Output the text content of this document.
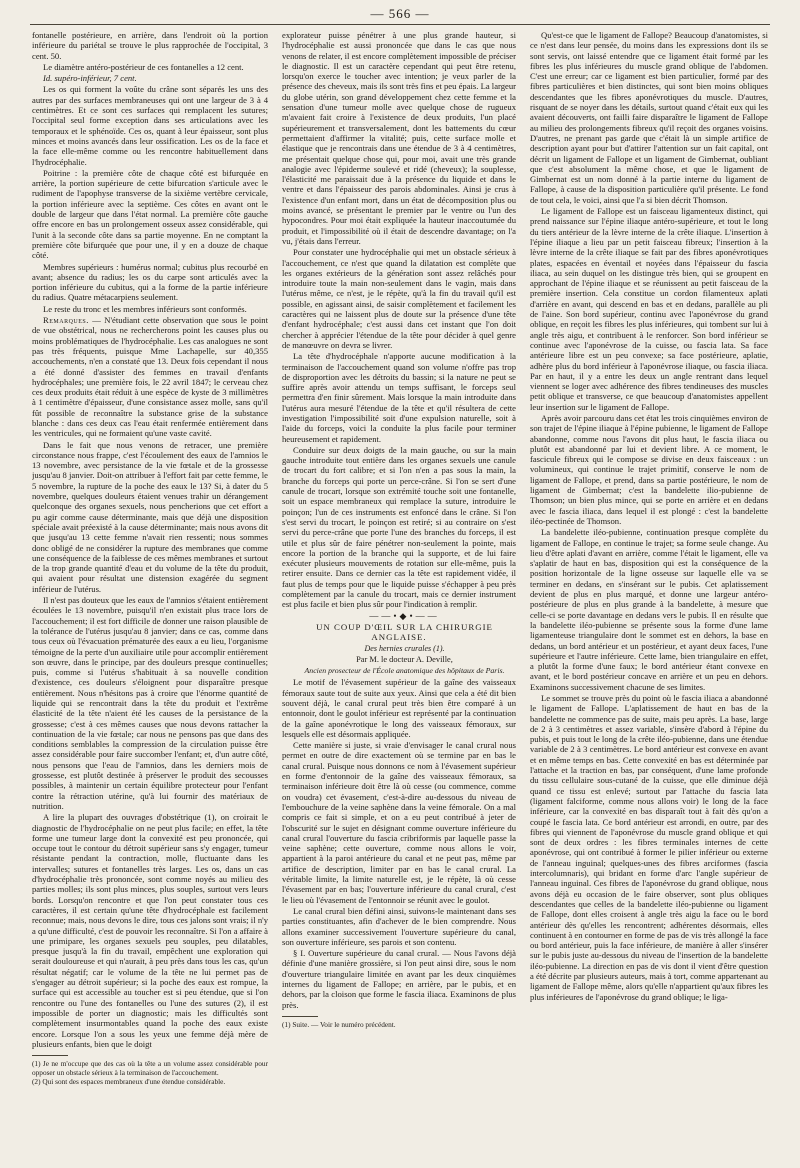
— 566 —

fontanelle postérieure, en arrière, dans l'endroit où la portion inférieure du pariétal se trouve le plus rapprochée de l'occipital, 3 cent. 50.

Le diamètre antéro-postérieur de ces fontanelles a 12 cent.

Id. supéro-inférieur, 7 cent.

Les os qui forment la voûte du crâne sont séparés les uns des autres par des surfaces membraneuses qui ont une largeur de 3 à 4 centimètres. Et ce sont ces surfaces qui remplacent les sutures; l'occipital seul forme exception dans ses articulations avec les temporaux et le sphénoïde. Ces os, quant à leur épaisseur, sont plus minces et moins avancés dans leur ossification. Les os de la face et la face elle-même comme ou les rencontre habituellement dans l'hydrocéphalie.

Poitrine : la première côte de chaque côté est bifurquée en arrière, la portion supérieure de cette bifurcation s'articule avec le rudiment de l'apophyse transverse de la sixième vertèbre cervicale, la portion inférieure avec la septième. Ces côtes en avant ont le double de largeur que dans l'état normal. La première côte gauche offre encore en bas un prolongement osseux assez considérable, qui l'unit à la seconde côte dans sa partie moyenne. En ne comptant la première côte bifurquée que pour une, il y en a douze de chaque côté.

Membres supérieurs : humérus normal; cubitus plus recourbé en avant; absence du radius; les os du carpe sont articulés avec la portion inférieure du cubitus, qui a la forme de la partie inférieure du radius. Quatre métacarpiens seulement.

Le reste du tronc et les membres inférieurs sont conformés.

Remarques. — N'étudiant cette observation que sous le point de vue obstétrical, nous ne rechercherons point les causes plus ou moins problématiques de l'hydrocéphalie. Les cas analogues ne sont pas très fréquents, puisque Mme Lachapelle, sur 40,355 accouchements, n'en a constaté que 13. Deux fois cependant il nous a été donné d'assister des femmes en travail d'enfants hydrocéphales; une première fois, le 22 avril 1847; le cerveau chez ces deux produits était réduit à une espèce de kyste de 3 millimètres à 1 centimètre d'épaisseur, d'une consistance assez molle, sans qu'il fût possible de reconnaître la substance grise de la substance blanche : dans ces deux cas l'eau était renfermée entièrement dans les ventricules, qui ne formaient qu'une vaste cavité.

Dans le fait que nous venons de retracer, une première circonstance nous frappe, c'est l'écoulement des eaux de l'amnios le 13 novembre, avec persistance de la vie fœtale et de la grossesse jusqu'au 8 janvier. Doit-on attribuer à l'effort fait par cette femme, le 5 novembre, la rupture de la poche des eaux le 13? Si, à dater du 5 novembre, quelques douleurs étaient venues trahir un dérangement quelconque des organes sexuels, nous pencherions que cet effort a pu agir comme cause déterminante, mais que déjà une disposition spéciale avait préexisté à la cause déterminante; mais nous avons dit que jusqu'au 13 cette femme n'avait rien ressenti; nous sommes donc obligé de ne considérer la rupture des membranes que comme une conséquence de la faiblesse de ces mêmes membranes et surtout de la trop grande quantité d'eau et du volume de la tête du produit, qui avaient pour résultat une distension exagérée du segment inférieur de l'utérus.

Il n'est pas douteux que les eaux de l'amnios s'étaient entièrement écoulées le 13 novembre, puisqu'il n'en existait plus trace lors de l'accouchement; il est fort difficile de donner une raison plausible de la tolérance de l'utérus jusqu'au 8 janvier; dans ce cas, comme dans tous ceux où l'évacuation prématurée des eaux a eu lieu, l'organisme témoigne de la perte d'un auxiliaire utile pour accomplir entièrement son œuvre, dans le principe, par des douleurs presque continuelles; puis, comme si l'utérus s'habituait à sa nouvelle condition d'existence, ces douleurs s'éloignent pour disparaître presque entièrement. Nous n'hésitons pas à croire que l'énorme quantité de liquide qui se rencontrait dans la tête du produit et l'extrême élasticité de la tête n'aient été les causes de la persistance de la grossesse; c'est à ces mêmes causes que nous devons rattacher la continuation de la vie fœtale; car nous ne pensons pas que dans des conditions semblables la compression de la circulation puisse être assez considérable pour faire succomber l'enfant; et, d'un autre côté, nous pensons que l'eau de l'amnios, dans les derniers mois de grossesse, est plutôt destinée à préserver le produit des secousses possibles, à maintenir un certain équilibre protecteur pour l'enfant contre la rétraction utérine, qu'à lui fournir des matériaux de nutrition.

A lire la plupart des ouvrages d'obstétrique (1), on croirait le diagnostic de l'hydrocéphalie on ne peut plus facile; en effet, la tête forme une tumeur large dont la convexité est peu prononcée, qui occupe tout le contour du détroit supérieur sans s'y engager, tumeur résistante pendant la contraction, molle, fluctuante dans les intervalles; sutures et fontanelles très larges. Les os, dans un cas d'hydrocéphalie très prononcée, sont comme noyés au milieu des parties molles; ils sont plus minces, plus souples, surtout vers leurs bords. Lorsqu'on rencontre et que l'on peut constater tous ces caractères, il est certain qu'une tête d'hydrocéphale est facilement reconnue; mais, nous devons le dire, tous ces jalons sont vrais; il n'y a qu'une difficulté, c'est de pouvoir les reconnaître. Si l'on a affaire à une primipare, les organes sexuels peu souples, peu dilatables, presque jusqu'à la fin du travail, empêchent une exploration qui serait douloureuse et qui n'aurait, à peu près dans tous les cas, qu'un résultat négatif; car le volume de la tête ne lui permet pas de s'engager au détroit supérieur; si la poche des eaux est rompue, la surface qui est accessible au toucher est si peu étendue, que si l'on rencontre ou l'une des fontanelles ou l'une des sutures (2), il est impossible de porter un diagnostic; mais les difficultés sont complètement insurmontables quand la poche des eaux existe encore. Lorsque l'on a sous les yeux une femme déjà mère de plusieurs enfants, bien que le doigt

(1) Je ne m'occupe que des cas où la tête a un volume assez considérable pour opposer un obstacle sérieux à la terminaison de l'accouchement.

(2) Qui sont des espaces membraneux d'une étendue considérable.

explorateur puisse pénétrer à une plus grande hauteur, si l'hydrocéphalie est aussi prononcée que dans le cas que nous venons de relater, il est encore complètement impossible de préciser le diagnostic. Il est un caractère cependant qui peut être retenu, lorsqu'on exerce le toucher avec intention; je veux parler de la présence des cheveux, mais ils sont très fins et peu épais. La largeur du globe utérin, son grand développement chez cette femme et la sensation d'une tumeur molle avec quelque chose de rugueux m'avaient fait croire à l'existence de deux produits, l'un placé supérieurement et transversalement, dont les battements du cœur permettaient d'affirmer la vitalité; puis, cette surface molle et élastique que je rencontrais dans une étendue de 3 à 4 centimètres, me présentait quelque chose qui, pour moi, avait une très grande analogie avec l'épiderme soulevé et ridé (cheveux); la souplesse, l'élasticité me paraissait due à la présence du liquide et dans le ventre et dans l'épaisseur des parois abdominales. Ainsi je crus à l'existence d'un enfant mort, dans un état de décomposition plus ou moins avancé, se présentant le premier par le ventre ou l'un des hypocondres. Pour moi était expliquée la hauteur inaccoutumée du produit, et l'impossibilité où il était de descendre davantage; on l'a vu, j'étais dans l'erreur.

Pour constater une hydrocéphalie qui met un obstacle sérieux à l'accouchement, ce n'est que quand la dilatation est complète que les organes extérieurs de la génération sont assez relâchés pour introduire toute la main non-seulement dans le vagin, mais dans l'utérus même, ce n'est, je le répète, qu'à la fin du travail qu'il est possible, en agissant ainsi, de saisir complètement et facilement les caractères qui ne laissent plus de doute sur la présence d'une tête d'enfant hydrocéphale; c'est aussi dans cet instant que l'on doit chercher à apprécier l'étendue de la tête pour décider à quel genre de manœuvre on devra se livrer.

La tête d'hydrocéphale n'apporte aucune modification à la terminaison de l'accouchement quand son volume n'offre pas trop de disproportion avec les détroits du bassin; si la nature ne peut se suffire après avoir attendu un temps suffisant, le forceps seul permettra d'en finir sûrement. Mais lorsque la main introduite dans l'utérus aura mesuré l'étendue de la tête et qu'il résultera de cette investigation l'impossibilité soit d'une expulsion naturelle, soit à l'aide du forceps, voici la conduite la plus facile pour terminer heureusement et rapidement.

Conduire sur deux doigts de la main gauche, ou sur la main gauche introduite tout entière dans les organes sexuels une canule de trocart du fort calibre; et si l'on n'en a pas sous la main, la branche du forceps qui porte un perce-crâne. Si l'on se sert d'une canule de trocart, lorsque son extrémité touche soit une fontanelle, soit un espace membraneux qui remplace la suture, introduire le poinçon; l'un de ces instruments est enfoncé dans le crâne. Si l'on s'est servi du trocart, le poinçon est retiré; si au contraire on s'est servi du perce-crâne que porte l'une des branches du forceps, il est utile et plus sûr de faire pénétrer non-seulement la pointe, mais encore la portion de la branche qui la supporte, et de lui faire exécuter plusieurs mouvements de rotation sur elle-même, puis la retirer ensuite. Dans ce dernier cas la tête est rapidement vidée, il faut plus de temps pour que le liquide puisse s'échapper à peu près complètement par la canule du trocart, mais ce dernier instrument est plus facile et bien plus sûr pour l'indication à remplir.

——•◆•——

UN COUP D'ŒIL SUR LA CHIRURGIE ANGLAISE.

Des hernies crurales (1).

Par M. le docteur A. Deville,

Ancien prosecteur de l'École anatomique des hôpitaux de Paris.

Le motif de l'évasement supérieur de la gaîne des vaisseaux fémoraux saute tout de suite aux yeux. Ainsi que cela a été dit bien souvent déjà, le canal crural peut très bien être comparé à un entonnoir, dont le goulot inférieur est représenté par la continuation de la gaîne aponévrotique le long des vaisseaux fémoraux, sur lesquels elle est désormais appliquée.

Cette manière si juste, si vraie d'envisager le canal crural nous permet en outre de dire exactement où se termine par en bas le canal crural. Puisque nous donnons ce nom à l'évasement supérieur en forme d'entonnoir de la gaîne des vaisseaux fémoraux, sa terminaison inférieure doit être là où cesse (ou commence, comme on voudra) cet évasement, c'est-à-dire au-dessous du niveau de l'embouchure de la veine saphène dans la veine fémorale. On a mal compris ce fait si simple, et on a eu peut contribué à jeter de l'obscurité sur le sujet en désignant comme ouverture inférieure du canal crural l'ouverture du fascia cribriformis par laquelle passe la veine saphène; cette ouverture, comme nous allons le voir, appartient à la paroi antérieure du canal et ne peut pas, même par artifice de description, limiter par en bas le canal crural. La véritable limite, la limite naturelle est, je le répète, là où cesse l'évasement par en bas; l'ouverture inférieure du canal crural, c'est le lieu où l'évasement de l'entonnoir se réunit avec le goulot.

Le canal crural bien défini ainsi, suivons-le maintenant dans ses parties constituantes, afin d'achever de le bien comprendre. Nous allons examiner successivement l'ouverture supérieure du canal, son ouverture inférieure, ses parois et son contenu.

§ I. Ouverture supérieure du canal crural. — Nous l'avons déjà définie d'une manière grossière, si l'on peut ainsi dire, sous le nom d'ouverture triangulaire limitée en avant par les deux cinquièmes internes du ligament de Fallope; en arrière, par le pubis, et en dehors, par la cloison que forme le fascia iliaca. Examinons de plus près.

(1) Suite. — Voir le numéro précédent.

Qu'est-ce que le ligament de Fallope? Beaucoup d'anatomistes, si ce n'est dans leur pensée, du moins dans les expressions dont ils se sont servis, ont laissé entendre que ce ligament était formé par les fibres les plus inférieures du muscle grand oblique de l'abdomen. C'est une erreur; car ce ligament est bien particulier, formé par des fibres particulières et bien distinctes, qui sont bien moins obliques descendantes que les fibres aponévrotiques du muscle. D'autres, risquant de se noyer dans les détails, surtout quand c'était eux qui les avaient découverts, ont failli faire disparaître le ligament de Fallope au milieu des prolongements fibreux qu'il reçoit des organes voisins. D'autres, ne prenant pas garde que c'était là un simple artifice de description ayant pour but d'attirer l'attention sur un fait capital, ont décrit un ligament de Fallope et un ligament de Gimbernat, oubliant que c'est absolument la même chose, et que le ligament de Gimbernat est un nom donné à la partie interne du ligament de Fallope, à cause de la disposition particulière qu'il présente. Le fond de tout cela, le voici, ainsi que l'a si bien décrit Thomson.

Le ligament de Fallope est un faisceau ligamenteux distinct, qui prend naissance sur l'épine iliaque antéro-supérieure, et tout le long du tiers antérieur de la lèvre interne de la crête iliaque. L'insertion à l'épine iliaque a lieu par un petit faisceau fibreux; l'insertion à la lèvre interne de la crête iliaque se fait par des fibres aponévrotiques plates, espacées en éventail et noyées dans l'épaisseur du fascia iliaca, au sein duquel on les distingue très bien, qui se groupent en approchant de l'épine iliaque et se réunissent au petit faisceau de la première insertion. Cela constitue un cordon filamenteux aplati d'arrière en avant, qui descend en bas et en dedans, parallèle au pli de l'aine. Son bord supérieur, continu avec l'aponévrose du grand oblique, en reçoit les fibres les plus inférieures, qui tombent sur lui à angle très aigu, et contribuent à le renforcer. Son bord inférieur se continue avec l'aponévrose de la cuisse, ou fascia lata. Sa face antérieure libre est un peu convexe; sa face postérieure, aplatie, adhère plus du bord inférieur à l'aponévrose iliaque, ou fascia iliaca. Par en haut, il y a entre les deux un angle rentrant dans lequel viennent se loger avec adhérence des fibres tendineuses des muscles petit oblique et transverse, ce que beaucoup d'anatomistes appellent leur insertion sur le ligament de Fallope.

Après avoir parcouru dans cet état les trois cinquièmes environ de son trajet de l'épine iliaque à l'épine pubienne, le ligament de Fallope abandonne, comme nous l'avons dit plus haut, le fascia iliaca ou plutôt est abandonné par lui et devient libre. A ce moment, le fascicule fibreux qui le compose se divise en deux faisceaux : un volumineux, qui continue le trajet primitif, conserve le nom de ligament de Fallope, et prend, dans sa partie postérieure, le nom de ligament de Gimbernat; c'est la bandelette ilio-pubienne de Thomson; un bien plus mince, qui se porte en arrière et en dedans avec le fascia iliaca, dans lequel il est plongé : c'est la bandelette iléo-pectinée de Thomson.

La bandelette iléo-pubienne, continuation presque complète du ligament de Fallope, en continue le trajet; sa forme seule change. Au lieu d'être aplati d'avant en arrière, comme l'était le ligament, elle va s'aplatir de haut en bas, disposition qui est la conséquence de la position horizontale de la ligne osseuse sur laquelle elle va se terminer en dedans, en s'insérant sur le pubis. Cet aplatissement devient de plus en plus marqué, et donne une largeur antéro-postérieure de plus en plus grande à la bandelette, à mesure que celle-ci se porte davantage en dedans vers le pubis. Il en résulte que la bandelette iléo-pubienne se présente sous la forme d'une lame ligamenteuse triangulaire dont le sommet est en dehors, la base en dedans, un bord antérieur et un postérieur, et ayant deux faces, l'une supérieure et l'autre inférieure. Cette lame, bien triangulaire en effet, a plutôt la forme d'une faux; le bord antérieur étant convexe en avant, et le bord postérieur concave en arrière et un peu en dehors. Examinons successivement chacune de ses limites.

Le sommet se trouve près du point où le fascia iliaca a abandonné le ligament de Fallope. L'aplatissement de haut en bas de la bandelette ne commence pas de suite, mais peu après. La base, large de 2 à 3 centimètres et assez variable, s'insère d'abord à l'épine du pubis, et puis tout le long de la crête iléo-pubienne, dans une étendue variable de 2 à 3 centimètres. Le bord antérieur est convexe en avant et en même temps en bas. Cette convexité en bas est déterminée par l'attache et la traction en bas, par conséquent, d'une lame profonde du tissu cellulaire sous-cutané de la cuisse, que elle diminue déjà quand ce tissu est enlevé; surtout par l'attache du fascia lata (ligament falciforme, comme nous allons voir) le long de la face inférieure, car la convexité en bas disparaît tout à fait dès qu'on a coupé le fascia lata. Ce bord antérieur est arrondi, en outre, par des fibres qui viennent de l'aponévrose du muscle grand oblique et qui sont de deux ordres : les fibres terminales internes de cette aponévrose, qui ont contribué à former le pilier inférieur ou externe de l'anneau inguinal; quelques-unes des fibres arciformes (fascia intercolumnaris), qui bridant en forme d'arc l'angle supérieur de l'anneau inguinal. Ces fibres de l'aponévrose du grand oblique, nous avons déjà eu occasion de le faire observer, sont plus obliques descendantes que celles de la bandelette iléo-pubienne ou ligament de Fallope, dont elles croisent à angle très aigu la face ou le bord antérieur dès qu'elles les rencontrent; adhérentes désormais, elles continuent à en contourner en forme de pas de vis très allongé la face ou bord antérieur, puis la face inférieure, de manière à aller s'insérer sur le pubis juste au-dessous du niveau de l'insertion de la bandelette iléo-pubienne. La direction en pas de vis dont il vient d'être question a été décrite par plusieurs auteurs, mais à tort, comme appartenant au ligament de Fallope même, alors qu'elle n'appartient qu'aux fibres les plus inférieures de l'aponévrose du grand oblique; le liga-
